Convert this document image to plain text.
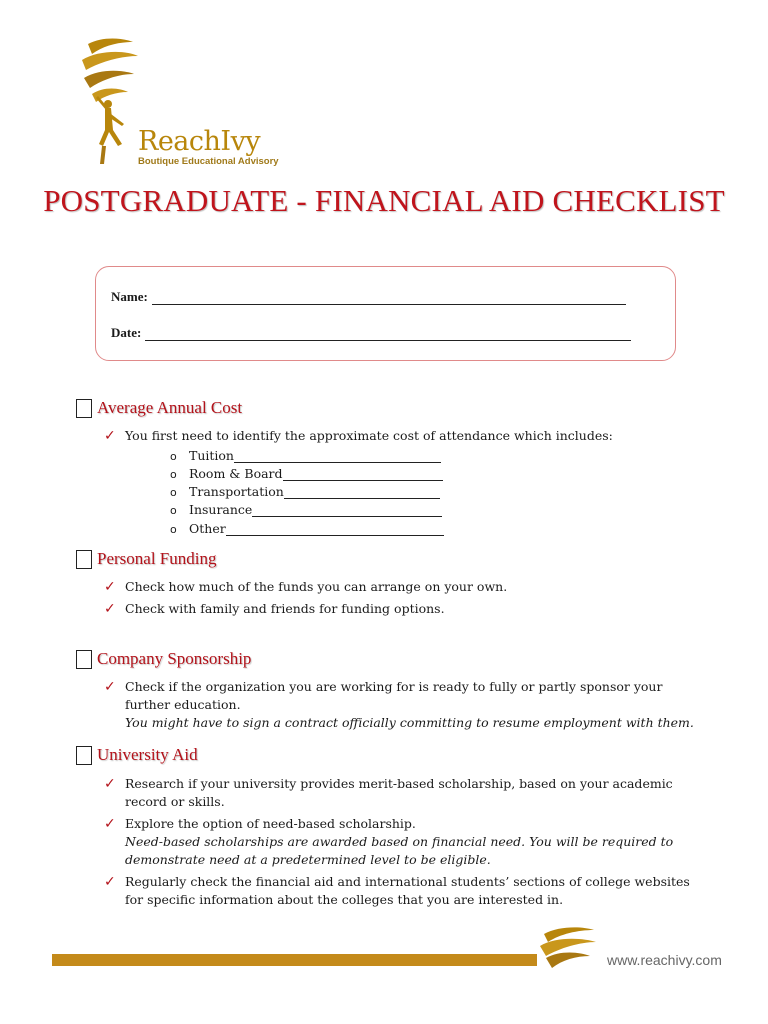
ReachIvy
Boutique Educational Advisory
POSTGRADUATE - FINANCIAL AID CHECKLIST
Name:
Date:
Average Annual Cost
✓ You first need to identify the approximate cost of attendance which includes:
o Tuition
o Room & Board
o Transportation
o Insurance
o Other
Personal Funding
✓ Check how much of the funds you can arrange on your own.
✓ Check with family and friends for funding options.
Company Sponsorship
✓ Check if the organization you are working for is ready to fully or partly sponsor your further education.
You might have to sign a contract officially committing to resume employment with them.
University Aid
✓ Research if your university provides merit-based scholarship, based on your academic record or skills.
✓ Explore the option of need-based scholarship.
Need-based scholarships are awarded based on financial need. You will be required to demonstrate need at a predetermined level to be eligible.
✓ Regularly check the financial aid and international students’ sections of college websites for specific information about the colleges that you are interested in.
www.reachivy.com
